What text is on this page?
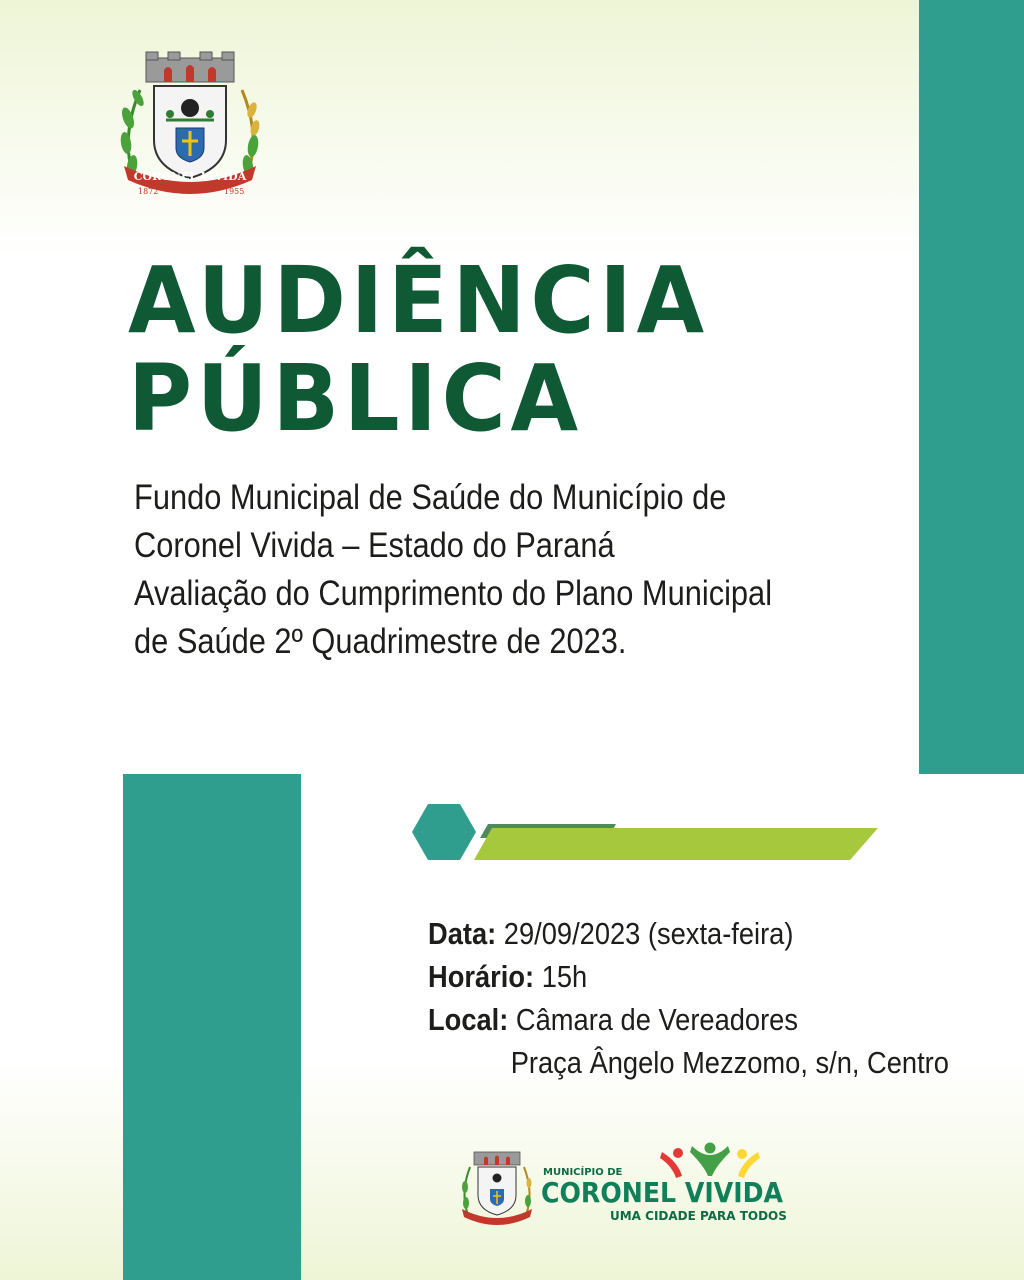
CORONEL VIVIDA
1872	1955
AUDIÊNCIA
PÚBLICA

Fundo Municipal de Saúde do Município de
Coronel Vivida – Estado do Paraná
Avaliação do Cumprimento do Plano Municipal
de Saúde 2º Quadrimestre de 2023.

Data: 29/09/2023 (sexta-feira)
Horário: 15h
Local: Câmara de Vereadores
Praça Ângelo Mezzomo, s/n, Centro

MUNICÍPIO DE

CORONEL VIVIDA

UMA CIDADE PARA TODOS
